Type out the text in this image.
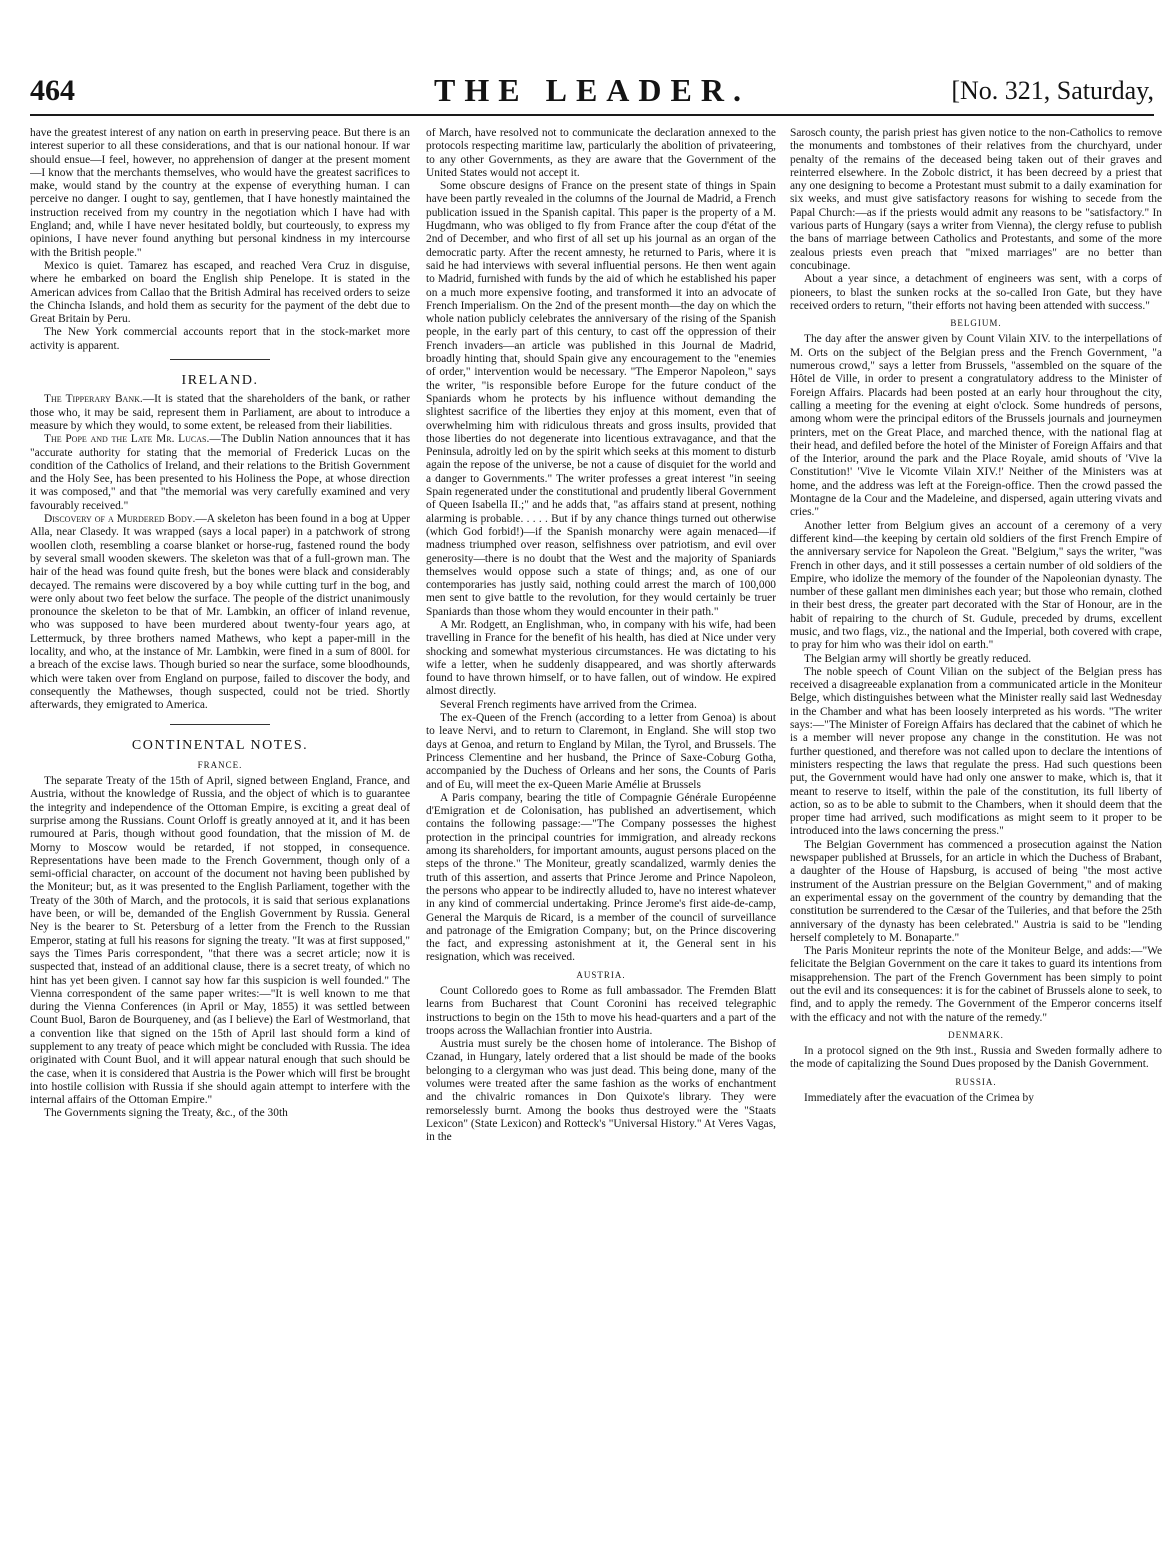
464	THE LEADER.	[No. 321, Saturday,

have the greatest interest of any nation on earth in preserving peace. But there is an interest superior to all these considerations, and that is our national honour. If war should ensue—I feel, however, no apprehension of danger at the present moment—I know that the merchants themselves, who would have the greatest sacrifices to make, would stand by the country at the expense of everything human. I can perceive no danger. I ought to say, gentlemen, that I have honestly maintained the instruction received from my country in the negotiation which I have had with England; and, while I have never hesitated boldly, but courteously, to express my opinions, I have never found anything but personal kindness in my intercourse with the British people."

Mexico is quiet. Tamarez has escaped, and reached Vera Cruz in disguise, where he embarked on board the English ship Penelope. It is stated in the American advices from Callao that the British Admiral has received orders to seize the Chincha Islands, and hold them as security for the payment of the debt due to Great Britain by Peru.

The New York commercial accounts report that in the stock-market more activity is apparent.

IRELAND.

The Tipperary Bank.—It is stated that the shareholders of the bank, or rather those who, it may be said, represent them in Parliament, are about to introduce a measure by which they would, to some extent, be released from their liabilities.

The Pope and the Late Mr. Lucas.—The Dublin Nation announces that it has "accurate authority for stating that the memorial of Frederick Lucas on the condition of the Catholics of Ireland, and their relations to the British Government and the Holy See, has been presented to his Holiness the Pope, at whose direction it was composed," and that "the memorial was very carefully examined and very favourably received."

Discovery of a Murdered Body.—A skeleton has been found in a bog at Upper Alla, near Clasedy. It was wrapped (says a local paper) in a patchwork of strong woollen cloth, resembling a coarse blanket or horse-rug, fastened round the body by several small wooden skewers. The skeleton was that of a full-grown man. The hair of the head was found quite fresh, but the bones were black and considerably decayed. The remains were discovered by a boy while cutting turf in the bog, and were only about two feet below the surface. The people of the district unanimously pronounce the skeleton to be that of Mr. Lambkin, an officer of inland revenue, who was supposed to have been murdered about twenty-four years ago, at Lettermuck, by three brothers named Mathews, who kept a paper-mill in the locality, and who, at the instance of Mr. Lambkin, were fined in a sum of 800l. for a breach of the excise laws. Though buried so near the surface, some bloodhounds, which were taken over from England on purpose, failed to discover the body, and consequently the Mathewses, though suspected, could not be tried. Shortly afterwards, they emigrated to America.

CONTINENTAL NOTES.
FRANCE.

The separate Treaty of the 15th of April, signed between England, France, and Austria, without the knowledge of Russia, and the object of which is to guarantee the integrity and independence of the Ottoman Empire, is exciting a great deal of surprise among the Russians. Count Orloff is greatly annoyed at it, and it has been rumoured at Paris, though without good foundation, that the mission of M. de Morny to Moscow would be retarded, if not stopped, in consequence. Representations have been made to the French Government, though only of a semi-official character, on account of the document not having been published by the Moniteur; but, as it was presented to the English Parliament, together with the Treaty of the 30th of March, and the protocols, it is said that serious explanations have been, or will be, demanded of the English Government by Russia. General Ney is the bearer to St. Petersburg of a letter from the French to the Russian Emperor, stating at full his reasons for signing the treaty. "It was at first supposed," says the Times Paris correspondent, "that there was a secret article; now it is suspected that, instead of an additional clause, there is a secret treaty, of which no hint has yet been given. I cannot say how far this suspicion is well founded." The Vienna correspondent of the same paper writes:—"It is well known to me that during the Vienna Conferences (in April or May, 1855) it was settled between Count Buol, Baron de Bourqueney, and (as I believe) the Earl of Westmorland, that a convention like that signed on the 15th of April last should form a kind of supplement to any treaty of peace which might be concluded with Russia. The idea originated with Count Buol, and it will appear natural enough that such should be the case, when it is considered that Austria is the Power which will first be brought into hostile collision with Russia if she should again attempt to interfere with the internal affairs of the Ottoman Empire."

The Governments signing the Treaty, &c., of the 30th

of March, have resolved not to communicate the declaration annexed to the protocols respecting maritime law, particularly the abolition of privateering, to any other Governments, as they are aware that the Government of the United States would not accept it.

Some obscure designs of France on the present state of things in Spain have been partly revealed in the columns of the Journal de Madrid, a French publication issued in the Spanish capital. This paper is the property of a M. Hugdmann, who was obliged to fly from France after the coup d'état of the 2nd of December, and who first of all set up his journal as an organ of the democratic party. After the recent amnesty, he returned to Paris, where it is said he had interviews with several influential persons. He then went again to Madrid, furnished with funds by the aid of which he established his paper on a much more expensive footing, and transformed it into an advocate of French Imperialism. On the 2nd of the present month—the day on which the whole nation publicly celebrates the anniversary of the rising of the Spanish people, in the early part of this century, to cast off the oppression of their French invaders—an article was published in this Journal de Madrid, broadly hinting that, should Spain give any encouragement to the "enemies of order," intervention would be necessary. "The Emperor Napoleon," says the writer, "is responsible before Europe for the future conduct of the Spaniards whom he protects by his influence without demanding the slightest sacrifice of the liberties they enjoy at this moment, even that of overwhelming him with ridiculous threats and gross insults, provided that those liberties do not degenerate into licentious extravagance, and that the Peninsula, adroitly led on by the spirit which seeks at this moment to disturb again the repose of the universe, be not a cause of disquiet for the world and a danger to Governments." The writer professes a great interest "in seeing Spain regenerated under the constitutional and prudently liberal Government of Queen Isabella II.;" and he adds that, "as affairs stand at present, nothing alarming is probable. . . . . But if by any chance things turned out otherwise (which God forbid!)—if the Spanish monarchy were again menaced—if madness triumphed over reason, selfishness over patriotism, and evil over generosity—there is no doubt that the West and the majority of Spaniards themselves would oppose such a state of things; and, as one of our contemporaries has justly said, nothing could arrest the march of 100,000 men sent to give battle to the revolution, for they would certainly be truer Spaniards than those whom they would encounter in their path."

A Mr. Rodgett, an Englishman, who, in company with his wife, had been travelling in France for the benefit of his health, has died at Nice under very shocking and somewhat mysterious circumstances. He was dictating to his wife a letter, when he suddenly disappeared, and was shortly afterwards found to have thrown himself, or to have fallen, out of window. He expired almost directly.

Several French regiments have arrived from the Crimea.

The ex-Queen of the French (according to a letter from Genoa) is about to leave Nervi, and to return to Claremont, in England. She will stop two days at Genoa, and return to England by Milan, the Tyrol, and Brussels. The Princess Clementine and her husband, the Prince of Saxe-Coburg Gotha, accompanied by the Duchess of Orleans and her sons, the Counts of Paris and of Eu, will meet the ex-Queen Marie Amélie at Brussels

A Paris company, bearing the title of Compagnie Générale Européenne d'Emigration et de Colonisation, has published an advertisement, which contains the following passage:—"The Company possesses the highest protection in the principal countries for immigration, and already reckons among its shareholders, for important amounts, august persons placed on the steps of the throne." The Moniteur, greatly scandalized, warmly denies the truth of this assertion, and asserts that Prince Jerome and Prince Napoleon, the persons who appear to be indirectly alluded to, have no interest whatever in any kind of commercial undertaking. Prince Jerome's first aide-de-camp, General the Marquis de Ricard, is a member of the council of surveillance and patronage of the Emigration Company; but, on the Prince discovering the fact, and expressing astonishment at it, the General sent in his resignation, which was received.

AUSTRIA.

Count Colloredo goes to Rome as full ambassador. The Fremden Blatt learns from Bucharest that Count Coronini has received telegraphic instructions to begin on the 15th to move his head-quarters and a part of the troops across the Wallachian frontier into Austria.

Austria must surely be the chosen home of intolerance. The Bishop of Czanad, in Hungary, lately ordered that a list should be made of the books belonging to a clergyman who was just dead. This being done, many of the volumes were treated after the same fashion as the works of enchantment and the chivalric romances in Don Quixote's library. They were remorselessly burnt. Among the books thus destroyed were the "Staats Lexicon" (State Lexicon) and Rotteck's "Universal History." At Veres Vagas, in the

Sarosch county, the parish priest has given notice to the non-Catholics to remove the monuments and tombstones of their relatives from the churchyard, under penalty of the remains of the deceased being taken out of their graves and reinterred elsewhere. In the Zobolc district, it has been decreed by a priest that any one designing to become a Protestant must submit to a daily examination for six weeks, and must give satisfactory reasons for wishing to secede from the Papal Church:—as if the priests would admit any reasons to be "satisfactory." In various parts of Hungary (says a writer from Vienna), the clergy refuse to publish the bans of marriage between Catholics and Protestants, and some of the more zealous priests even preach that "mixed marriages" are no better than concubinage.

About a year since, a detachment of engineers was sent, with a corps of pioneers, to blast the sunken rocks at the so-called Iron Gate, but they have received orders to return, "their efforts not having been attended with success."

BELGIUM.

The day after the answer given by Count Vilain XIV. to the interpellations of M. Orts on the subject of the Belgian press and the French Government, "a numerous crowd," says a letter from Brussels, "assembled on the square of the Hôtel de Ville, in order to present a congratulatory address to the Minister of Foreign Affairs. Placards had been posted at an early hour throughout the city, calling a meeting for the evening at eight o'clock. Some hundreds of persons, among whom were the principal editors of the Brussels journals and journeymen printers, met on the Great Place, and marched thence, with the national flag at their head, and defiled before the hotel of the Minister of Foreign Affairs and that of the Interior, around the park and the Place Royale, amid shouts of 'Vive la Constitution!' 'Vive le Vicomte Vilain XIV.!' Neither of the Ministers was at home, and the address was left at the Foreign-office. Then the crowd passed the Montagne de la Cour and the Madeleine, and dispersed, again uttering vivats and cries."

Another letter from Belgium gives an account of a ceremony of a very different kind—the keeping by certain old soldiers of the first French Empire of the anniversary service for Napoleon the Great. "Belgium," says the writer, "was French in other days, and it still possesses a certain number of old soldiers of the Empire, who idolize the memory of the founder of the Napoleonian dynasty. The number of these gallant men diminishes each year; but those who remain, clothed in their best dress, the greater part decorated with the Star of Honour, are in the habit of repairing to the church of St. Gudule, preceded by drums, excellent music, and two flags, viz., the national and the Imperial, both covered with crape, to pray for him who was their idol on earth."

The Belgian army will shortly be greatly reduced.

The noble speech of Count Vilian on the subject of the Belgian press has received a disagreeable explanation from a communicated article in the Moniteur Belge, which distinguishes between what the Minister really said last Wednesday in the Chamber and what has been loosely interpreted as his words. "The writer says:—"The Minister of Foreign Affairs has declared that the cabinet of which he is a member will never propose any change in the constitution. He was not further questioned, and therefore was not called upon to declare the intentions of ministers respecting the laws that regulate the press. Had such questions been put, the Government would have had only one answer to make, which is, that it meant to reserve to itself, within the pale of the constitution, its full liberty of action, so as to be able to submit to the Chambers, when it should deem that the proper time had arrived, such modifications as might seem to it proper to be introduced into the laws concerning the press."

The Belgian Government has commenced a prosecution against the Nation newspaper published at Brussels, for an article in which the Duchess of Brabant, a daughter of the House of Hapsburg, is accused of being "the most active instrument of the Austrian pressure on the Belgian Government," and of making an experimental essay on the government of the country by demanding that the constitution be surrendered to the Cæsar of the Tuileries, and that before the 25th anniversary of the dynasty has been celebrated." Austria is said to be "lending herself completely to M. Bonaparte."

The Paris Moniteur reprints the note of the Moniteur Belge, and adds:—"We felicitate the Belgian Government on the care it takes to guard its intentions from misapprehension. The part of the French Government has been simply to point out the evil and its consequences: it is for the cabinet of Brussels alone to seek, to find, and to apply the remedy. The Government of the Emperor concerns itself with the efficacy and not with the nature of the remedy."

DENMARK.

In a protocol signed on the 9th inst., Russia and Sweden formally adhere to the mode of capitalizing the Sound Dues proposed by the Danish Government.

RUSSIA.

Immediately after the evacuation of the Crimea by
